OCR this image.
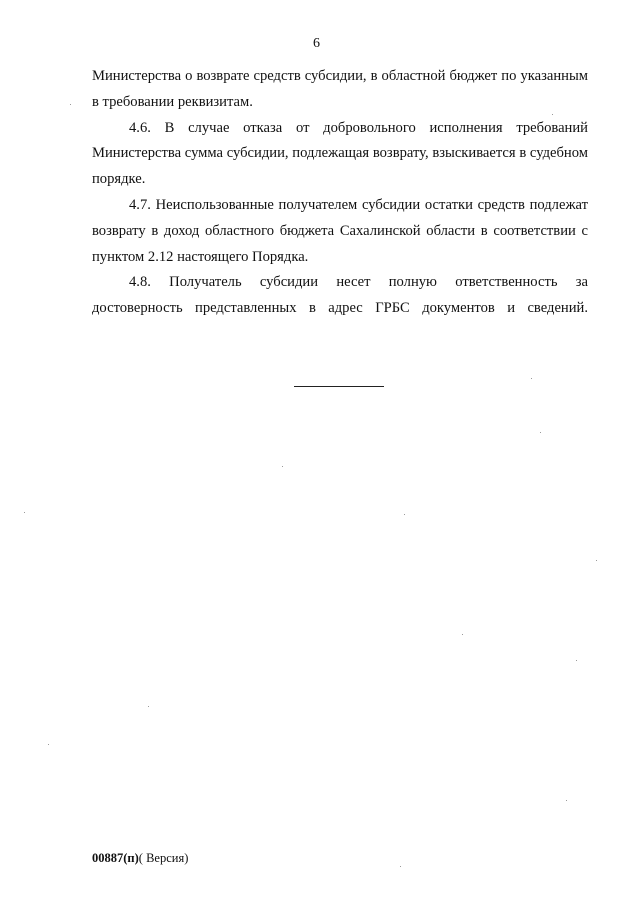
6

Министерства о возврате средств субсидии, в областной бюджет по указанным в требовании реквизитам.

4.6. В случае отказа от добровольного исполнения требований Министерства сумма субсидии, подлежащая возврату, взыскивается в судебном порядке.

4.7. Неиспользованные получателем субсидии остатки средств подлежат возврату в доход областного бюджета Сахалинской области в соответствии с пунктом 2.12 настоящего Порядка.

4.8. Получатель субсидии несет полную ответственность за достоверность представленных в адрес ГРБС документов и сведений.

00887(п)( Версия)
